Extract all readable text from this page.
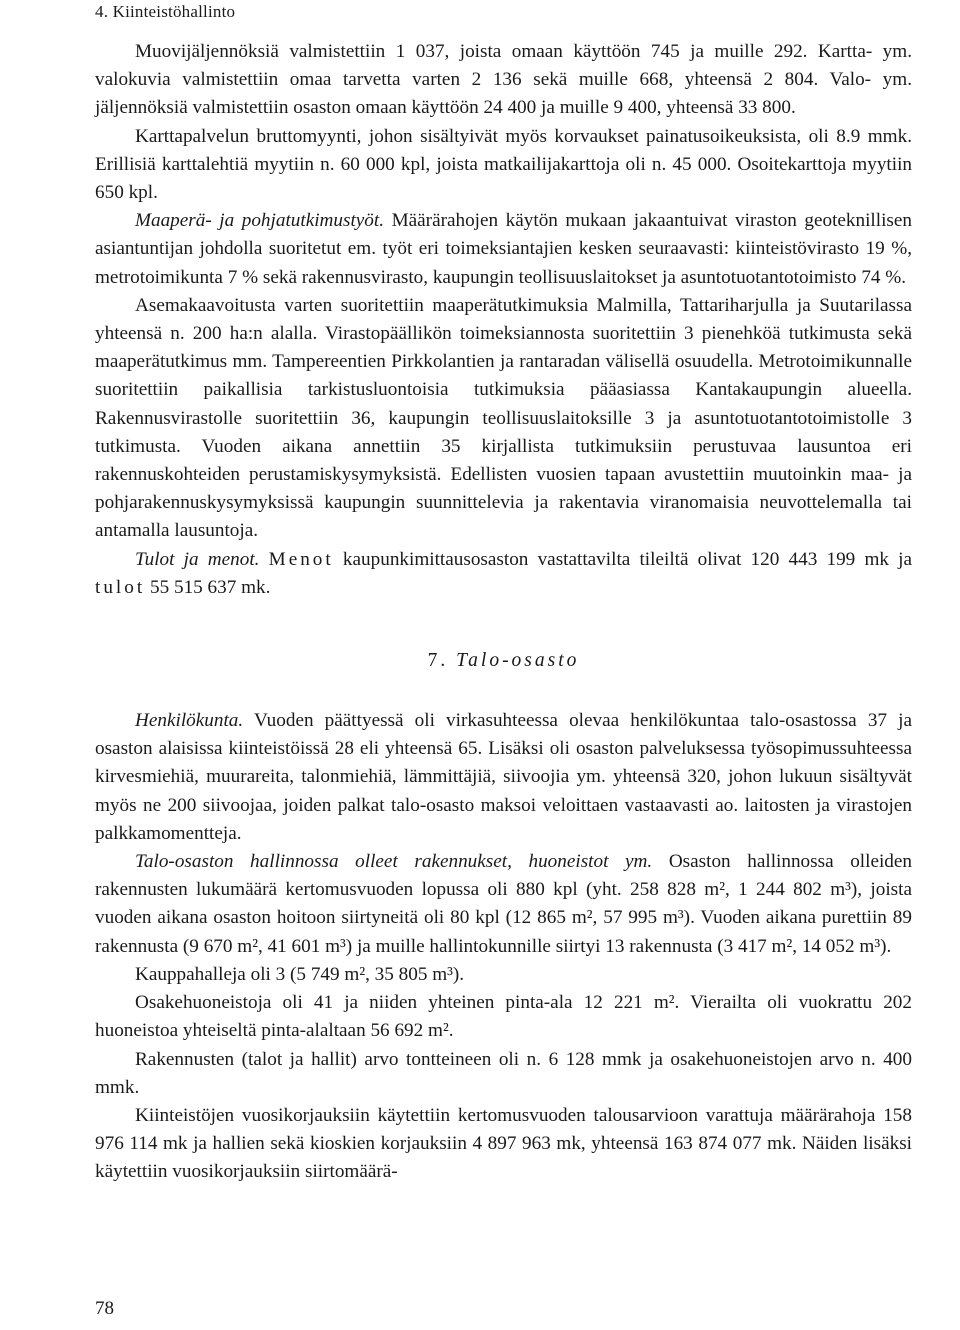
4. Kiinteistöhallinto

Muovijäljennöksiä valmistettiin 1 037, joista omaan käyttöön 745 ja muille 292. Kartta- ym. valokuvia valmistettiin omaa tarvetta varten 2 136 sekä muille 668, yhteensä 2 804. Valo- ym. jäljennöksiä valmistettiin osaston omaan käyttöön 24 400 ja muille 9 400, yhteensä 33 800.

Karttapalvelun bruttomyynti, johon sisältyivät myös korvaukset painatusoikeuksista, oli 8.9 mmk. Erillisiä karttalehtiä myytiin n. 60 000 kpl, joista matkailijakarttoja oli n. 45 000. Osoitekarttoja myytiin 650 kpl.

Maaperä- ja pohjatutkimustyöt. Määrärahojen käytön mukaan jakaantuivat viraston geoteknillisen asiantuntijan johdolla suoritetut em. työt eri toimeksiantajien kesken seuraavasti: kiinteistövirasto 19 %, metrotoimikunta 7 % sekä rakennusvirasto, kaupungin teollisuuslaitokset ja asuntotuotantotoimisto 74 %.

Asemakaavoitusta varten suoritettiin maaperätutkimuksia Malmilla, Tattariharjulla ja Suutarilassa yhteensä n. 200 ha:n alalla. Virastopäällikön toimeksiannosta suoritettiin 3 pienehköä tutkimusta sekä maaperätutkimus mm. Tampereentien Pirkkolantien ja rantaradan välisellä osuudella. Metrotoimikunnalle suoritettiin paikallisia tarkistusluontoisia tutkimuksia pääasiassa Kantakaupungin alueella. Rakennusvirastolle suoritettiin 36, kaupungin teollisuuslaitoksille 3 ja asuntotuotantotoimistolle 3 tutkimusta. Vuoden aikana annettiin 35 kirjallista tutkimuksiin perustuvaa lausuntoa eri rakennuskohteiden perustamiskysymyksistä. Edellisten vuosien tapaan avustettiin muutoinkin maa- ja pohjarakennuskysymyksissä kaupungin suunnittelevia ja rakentavia viranomaisia neuvottelemalla tai antamalla lausuntoja.

Tulot ja menot. Menot kaupunkimittausosaston vastattavilta tileiltä olivat 120 443 199 mk ja tulot 55 515 637 mk.

7. Talo-osasto

Henkilökunta. Vuoden päättyessä oli virkasuhteessa olevaa henkilökuntaa talo-osastossa 37 ja osaston alaisissa kiinteistöissä 28 eli yhteensä 65. Lisäksi oli osaston palveluksessa työsopimussuhteessa kirvesmiehiä, muurareita, talonmiehiä, lämmittäjiä, siivoojia ym. yhteensä 320, johon lukuun sisältyvät myös ne 200 siivoojaa, joiden palkat talo-osasto maksoi veloittaen vastaavasti ao. laitosten ja virastojen palkkamomentteja.

Talo-osaston hallinnossa olleet rakennukset, huoneistot ym. Osaston hallinnossa olleiden rakennusten lukumäärä kertomusvuoden lopussa oli 880 kpl (yht. 258 828 m², 1 244 802 m³), joista vuoden aikana osaston hoitoon siirtyneitä oli 80 kpl (12 865 m², 57 995 m³). Vuoden aikana purettiin 89 rakennusta (9 670 m², 41 601 m³) ja muille hallintokunnille siirtyi 13 rakennusta (3 417 m², 14 052 m³).

Kauppahalleja oli 3 (5 749 m², 35 805 m³).

Osakehuoneistoja oli 41 ja niiden yhteinen pinta-ala 12 221 m². Vierailta oli vuokrattu 202 huoneistoa yhteiseltä pinta-alaltaan 56 692 m².

Rakennusten (talot ja hallit) arvo tontteineen oli n. 6 128 mmk ja osakehuoneistojen arvo n. 400 mmk.

Kiinteistöjen vuosikorjauksiin käytettiin kertomusvuoden talousarvioon varattuja määrärahoja 158 976 114 mk ja hallien sekä kioskien korjauksiin 4 897 963 mk, yhteensä 163 874 077 mk. Näiden lisäksi käytettiin vuosikorjauksiin siirtomäärä-

78
